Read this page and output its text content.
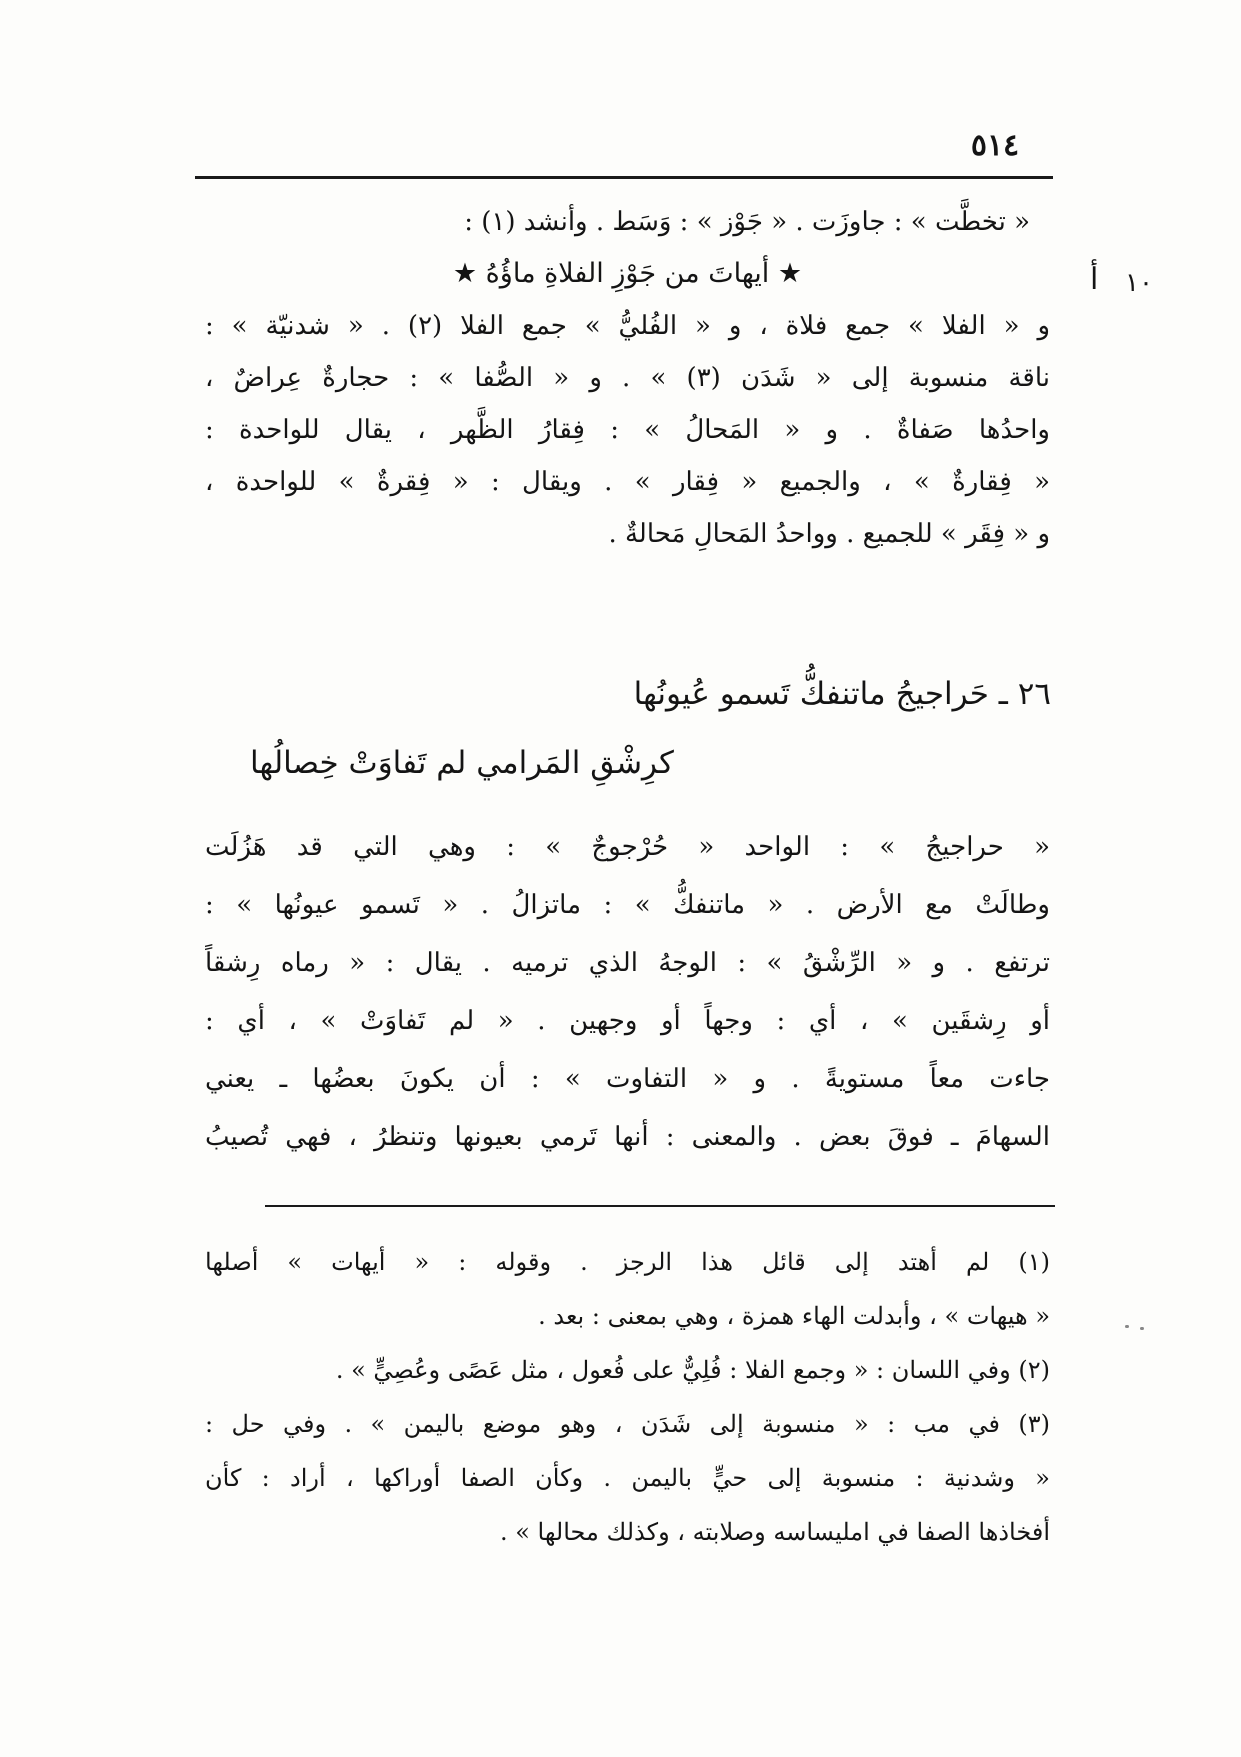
٥١٤
١٠
أ
« تخطَّت » : جاوزَت . « جَوْز » : وَسَط . وأنشد (١) :
★ أيهاتَ من جَوْزِ الفلاةِ ماؤُهُ ★
و « الفلا » جمع فلاة ، و « الفُليُّ » جمع الفلا (٢) . « شدنيّة » :
ناقة منسوبة إلى « شَدَن (٣) » . و « الصُّفا » : حجارةٌ عِراضٌ ،
واحدُها صَفاةٌ . و « المَحالُ » : فِقارُ الظَّهر ، يقال للواحدة :
« فِقارةٌ » ، والجميع « فِقار » . ويقال : « فِقرةٌ » للواحدة ،
و « فِقَر » للجميع . وواحدُ المَحالِ مَحالةٌ .
٢٦ ـ حَراجيجُ ماتنفكُّ تَسمو عُيونُها
كرِشْقِ المَرامي لم تَفاوَتْ خِصالُها
« حراجيجُ » : الواحد « حُرْجوجٌ » : وهي التي قد هَزُلَت
وطالَتْ مع الأرض . « ماتنفكُّ » : ماتزالُ . « تَسمو عيونُها » :
ترتفع . و « الرِّشْقُ » : الوجهُ الذي ترميه . يقال : « رماه رِشقاً
أو رِشقَين » ، أي : وجهاً أو وجهين . « لم تَفاوَتْ » ، أي :
جاءت معاً مستويةً . و « التفاوت » : أن يكونَ بعضُها ـ يعني
السهامَ ـ فوقَ بعض . والمعنى : أنها تَرمي بعيونها وتنظرُ ، فهي تُصيبُ
(١) لم أهتد إلى قائل هذا الرجز . وقوله : « أيهات » أصلها
« هيهات » ، وأبدلت الهاء همزة ، وهي بمعنى : بعد .
(٢) وفي اللسان : « وجمع الفلا : فُلِيٌّ على فُعول ، مثل عَصًى وعُصِيٍّ » .
(٣) في مب : « منسوبة إلى شَدَن ، وهو موضع باليمن » . وفي حل :
« وشدنية : منسوبة إلى حيٍّ باليمن . وكأن الصفا أوراكها ، أراد : كأن
أفخاذها الصفا في امليساسه وصلابته ، وكذلك محالها » .
